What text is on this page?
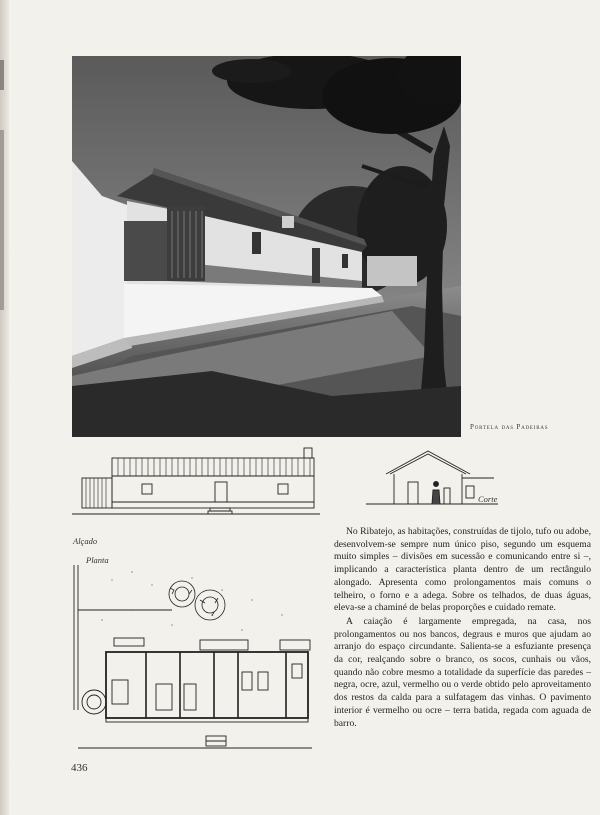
Portela das Padeiras
Alçado
Corte
Planta

No Ribatejo, as habitações, construídas de tijolo, tufo ou adobe, desenvolvem-se sempre num único piso, segundo um esquema muito simples – divisões em sucessão e comunicando entre si –, implicando a característica planta dentro de um rectângulo alongado. Apresenta como prolongamentos mais comuns o telheiro, o forno e a adega. Sobre os telhados, de duas águas, eleva-se a chaminé de belas proporções e cuidado remate.

A caiação é largamente empregada, na casa, nos prolongamentos ou nos bancos, degraus e muros que ajudam ao arranjo do espaço circundante. Salienta-se a esfuziante presença da cor, realçando sobre o branco, os socos, cunhais ou vãos, quando não cobre mesmo a totalidade da superfície das paredes – negra, ocre, azul, vermelho ou o verde obtido pelo aproveitamento dos restos da calda para a sulfatagem das vinhas. O pavimento interior é vermelho ou ocre – terra batida, regada com aguada de barro.

436
